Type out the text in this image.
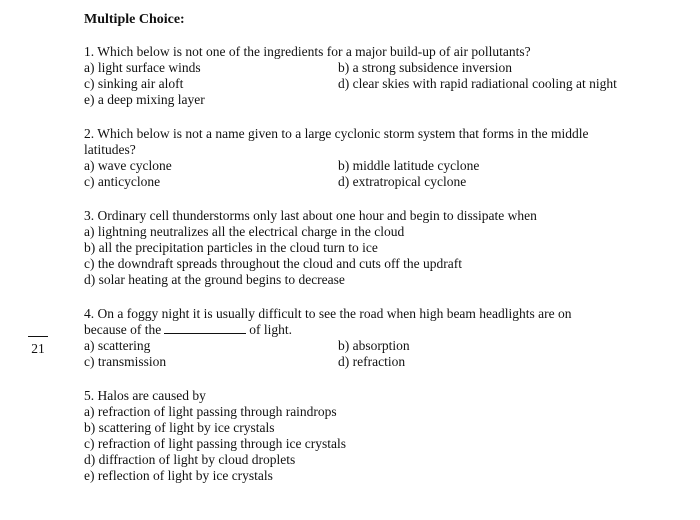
Multiple Choice:
1. Which below is not one of the ingredients for a major build-up of air pollutants?
a) light surface winds	b) a strong subsidence inversion
c) sinking air aloft	d) clear skies with rapid radiational cooling at night
e) a deep mixing layer
2. Which below is not a name given to a large cyclonic storm system that forms in the middle
latitudes?
a) wave cyclone	b) middle latitude cyclone
c) anticyclone	d) extratropical cyclone
3. Ordinary cell thunderstorms only last about one hour and begin to dissipate when
a) lightning neutralizes all the electrical charge in the cloud
b) all the precipitation particles in the cloud turn to ice
c) the downdraft spreads throughout the cloud and cuts off the updraft
d) solar heating at the ground begins to decrease
4. On a foggy night it is usually difficult to see the road when high beam headlights are on
because of the	of light.
a) scattering	b) absorption
c) transmission	d) refraction
5. Halos are caused by
a) refraction of light passing through raindrops
b) scattering of light by ice crystals
c) refraction of light passing through ice crystals
d) diffraction of light by cloud droplets
e) reflection of light by ice crystals
21
